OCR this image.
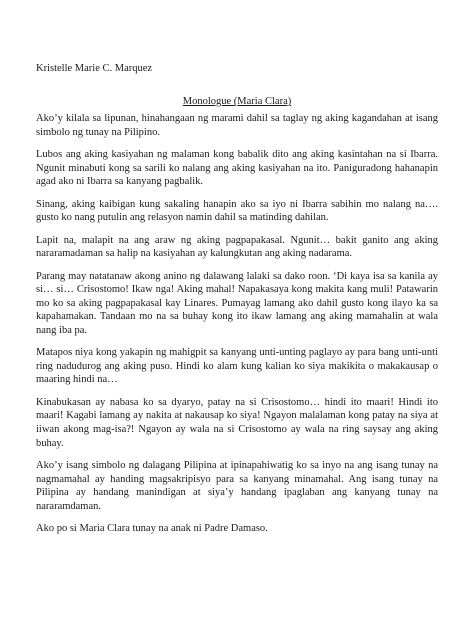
Kristelle Marie C. Marquez
Monologue (Maria Clara)

Ako’y kilala sa lipunan, hinahangaan ng marami dahil sa taglay ng aking kagandahan at isang simbolo ng tunay na Pilipino.

Lubos ang aking kasiyahan ng malaman kong babalik dito ang aking kasintahan na si Ibarra. Ngunit minabuti kong sa sarili ko nalang ang aking kasiyahan na ito. Paniguradong hahanapin agad ako ni Ibarra sa kanyang pagbalik.

Sinang, aking kaibigan kung sakaling hanapin ako sa iyo ni Ibarra sabihin mo nalang na…. gusto ko nang putulin ang relasyon namin dahil sa matinding dahilan.

Lapit na, malapit na ang araw ng aking pagpapakasal. Ngunit… bakit ganito ang aking nararamadaman sa halip na kasiyahan ay kalungkutan ang aking nadarama.

Parang may natatanaw akong anino ng dalawang lalaki sa dako roon. ‘Di kaya isa sa kanila ay si… si… Crisostomo! Ikaw nga! Aking mahal! Napakasaya kong makita kang muli! Patawarin mo ko sa aking pagpapakasal kay Linares. Pumayag lamang ako dahil gusto kong ilayo ka sa kapahamakan. Tandaan mo na sa buhay kong ito ikaw lamang ang aking mamahalin at wala nang iba pa.

Matapos niya kong yakapin ng mahigpit sa kanyang unti-unting paglayo ay para bang unti-unti ring nadudurog ang aking puso. Hindi ko alam kung kalian ko siya makikita o makakausap o maaring hindi na…

Kinabukasan ay nabasa ko sa dyaryo, patay na si Crisostomo… hindi ito maari! Hindi ito maari! Kagabi lamang ay nakita at nakausap ko siya! Ngayon malalaman kong patay na siya at iiwan akong mag-isa?! Ngayon ay wala na si Crisostomo ay wala na ring saysay ang aking buhay.

Ako’y isang simbolo ng dalagang Pilipina at ipinapahiwatig ko sa inyo na ang isang tunay na nagmamahal ay handing magsakripisyo para sa kanyang minamahal. Ang isang tunay na Pilipina ay handang manindigan at siya’y handang ipaglaban ang kanyang tunay na nararamdaman.

Ako po si Maria Clara tunay na anak ni Padre Damaso.
